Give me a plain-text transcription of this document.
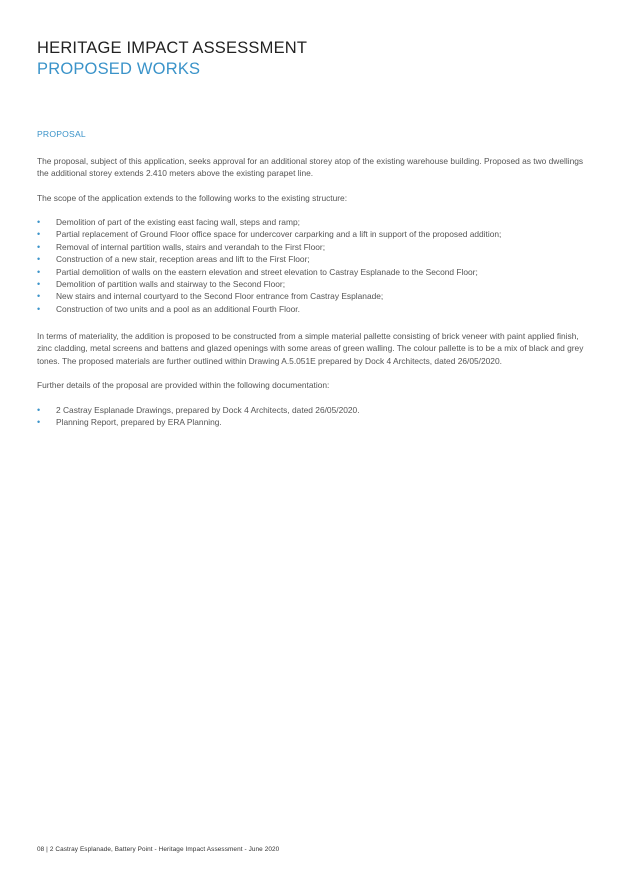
HERITAGE IMPACT ASSESSMENT
PROPOSED WORKS
PROPOSAL

The proposal, subject of this application, seeks approval for an additional storey atop of the existing warehouse building. Proposed as two dwellings the additional storey extends 2.410 meters above the existing parapet line.

The scope of the application extends to the following works to the existing structure:

• Demolition of part of the existing east facing wall, steps and ramp;
• Partial replacement of Ground Floor office space for undercover carparking and a lift in support of the proposed addition;
• Removal of internal partition walls, stairs and verandah to the First Floor;
• Construction of a new stair, reception areas and lift to the First Floor;
• Partial demolition of walls on the eastern elevation and street elevation to Castray Esplanade to the Second Floor;
• Demolition of partition walls and stairway to the Second Floor;
• New stairs and internal courtyard to the Second Floor entrance from Castray Esplanade;
• Construction of two units and a pool as an additional Fourth Floor.

In terms of materiality, the addition is proposed to be constructed from a simple material pallette consisting of brick veneer with paint applied finish, zinc cladding, metal screens and battens and glazed openings with some areas of green walling. The colour pallette is to be a mix of black and grey tones. The proposed materials are further outlined within Drawing A.5.051E prepared by Dock 4 Architects, dated 26/05/2020.

Further details of the proposal are provided within the following documentation:

• 2 Castray Esplanade Drawings, prepared by Dock 4 Architects, dated 26/05/2020.
• Planning Report, prepared by ERA Planning.

08 | 2 Castray Esplanade, Battery Point - Heritage Impact Assessment - June 2020
